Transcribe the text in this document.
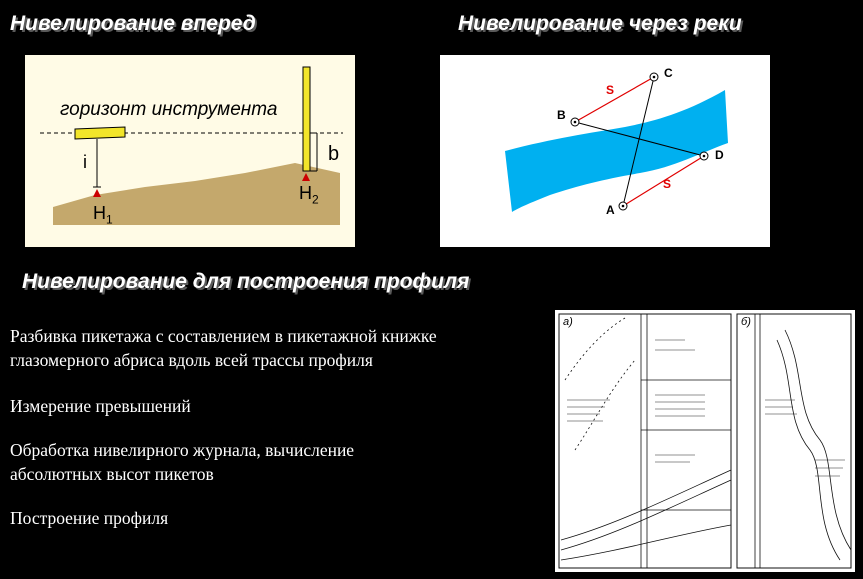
Нивелирование вперед	Нивелирование через реки
Нивелирование для построения профиля
горизонт инструмента
i	b
$H_1$
$H_2$
B
C
D
A
S
S

Разбивка пикетажа с составлением в пикетажной книжке
глазомерного абриса вдоль всей трассы профиля

Измерение превышений

Обработка нивелирного журнала, вычисление
абсолютных высот пикетов

Построение профиля

а)	б)
